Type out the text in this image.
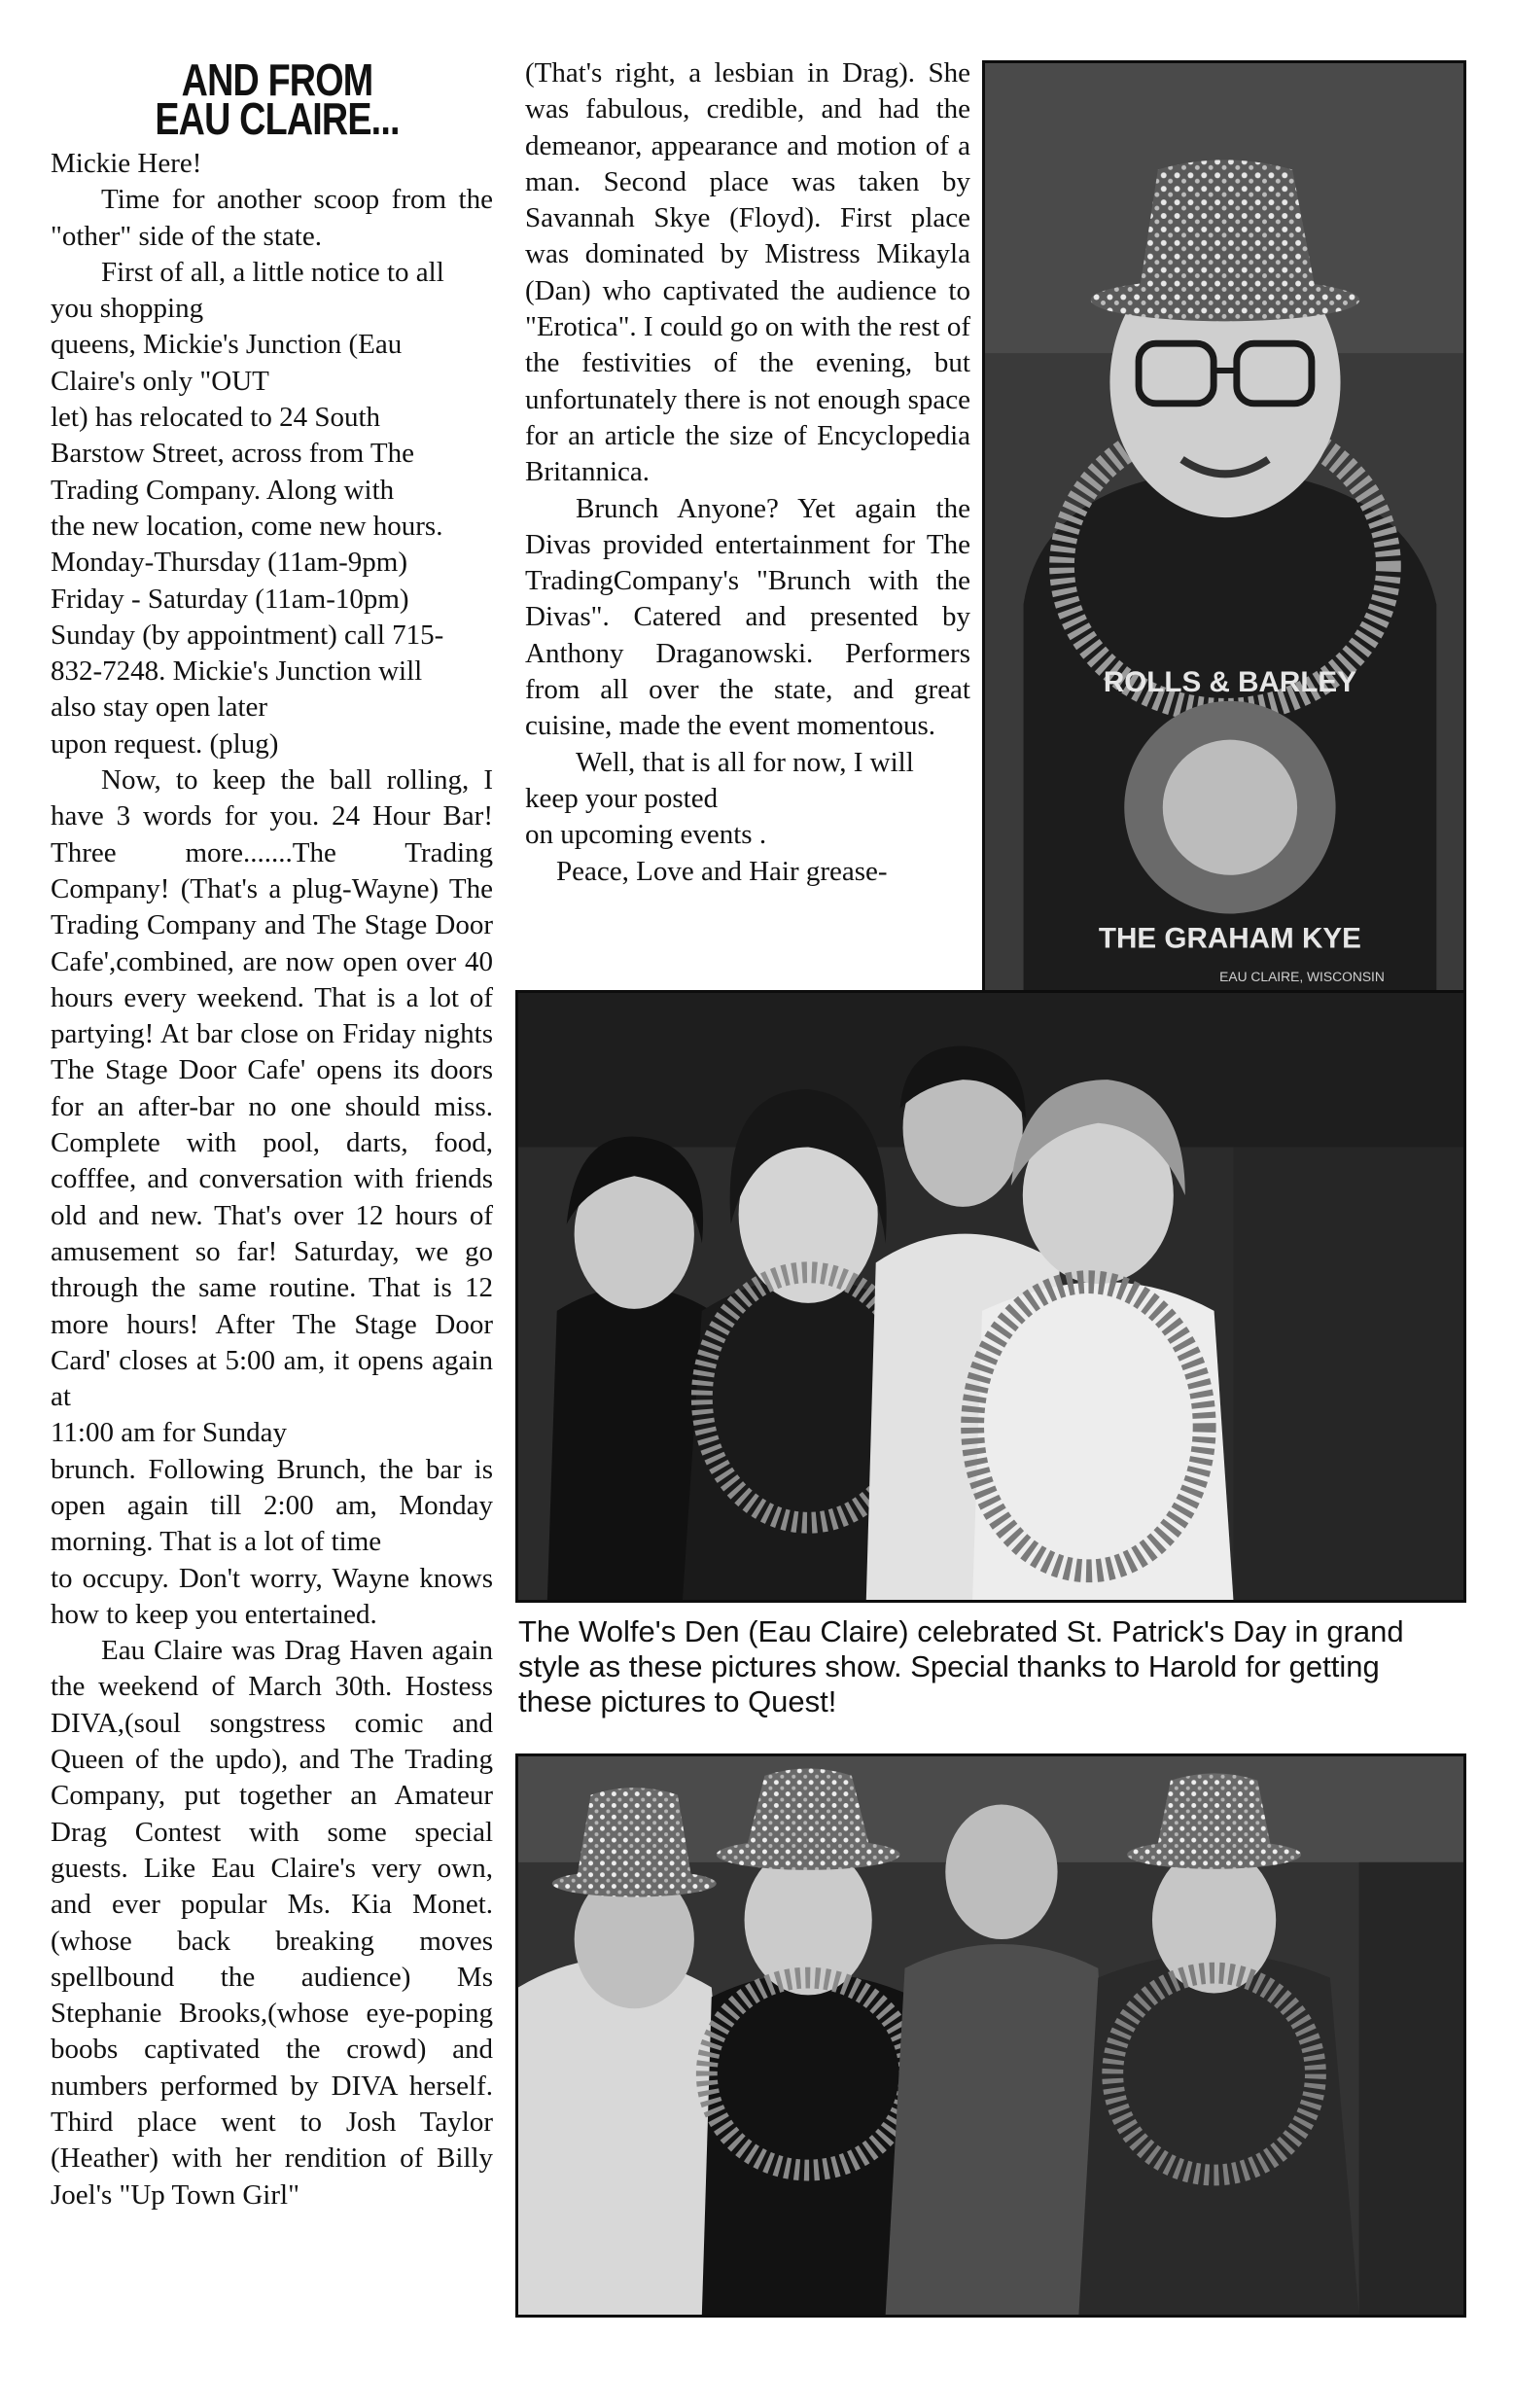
AND FROM
EAU CLAIRE...

Mickie Here!

Time for another scoop from the "other" side of the state.

First of all, a little notice to all
you shopping
queens, Mickie's Junction (Eau
Claire's only "OUT
let) has relocated to 24 South
Barstow Street, across from The
Trading Company. Along with
the new location, come new hours.
Monday-Thursday (11am-9pm)
Friday - Saturday (11am-10pm)
Sunday (by appointment) call 715-
832-7248. Mickie's Junction will
also stay open later
upon request. (plug)

Now, to keep the ball rolling, I have 3 words for you. 24 Hour Bar! Three more.......The Trading Company! (That's a plug-Wayne) The Trading Company and The Stage Door Cafe',combined, are now open over 40 hours every weekend. That is a lot of partying! At bar close on Friday nights The Stage Door Cafe' opens its doors for an after-bar no one should miss. Complete with pool, darts, food, cofffee, and conversation with friends old and new. That's over 12 hours of amusement so far! Saturday, we go through the same routine. That is 12 more hours! After The Stage Door Card' closes at 5:00 am, it opens again at

11:00 am for Sunday
brunch. Following Brunch, the bar is open again till 2:00 am, Monday morning. That is a lot of time
to occupy. Don't worry, Wayne knows how to keep you entertained.

Eau Claire was Drag Haven again the weekend of March 30th. Hostess DIVA,(soul songstress comic and Queen of the updo), and The Trading Company, put together an Amateur Drag Contest with some special guests. Like Eau Claire's very own, and ever popular Ms. Kia Monet. (whose back breaking moves spellbound the audience) Ms Stephanie Brooks,(whose eye-poping boobs captivated the crowd) and numbers performed by DIVA herself. Third place went to Josh Taylor (Heather) with her rendition of Billy Joel's "Up Town Girl"

(That's right, a lesbian in Drag). She was fabulous, credible, and had the demeanor, appearance and motion of a man. Second place was taken by Savannah Skye (Floyd). First place was dominated by Mistress Mikayla (Dan) who captivated the audience to "Erotica". I could go on with the rest of the festivities of the evening, but unfortunately there is not enough space for an article the size of Encyclopedia Britannica.

Brunch Anyone? Yet again the Divas provided entertainment for The TradingCompany's "Brunch with the Divas". Catered and presented by Anthony Draganowski. Performers from all over the state, and great cuisine, made the event momentous.

Well, that is all for now, I will
keep your posted
on upcoming events .
Peace, Love and Hair grease-

ROLLS & BARLEY
THE GRAHAM KYE
EAU CLAIRE, WISCONSIN

The Wolfe's Den (Eau Claire) celebrated St. Patrick's Day in grand style as these pictures show. Special thanks to Harold for getting these pictures to Quest!
